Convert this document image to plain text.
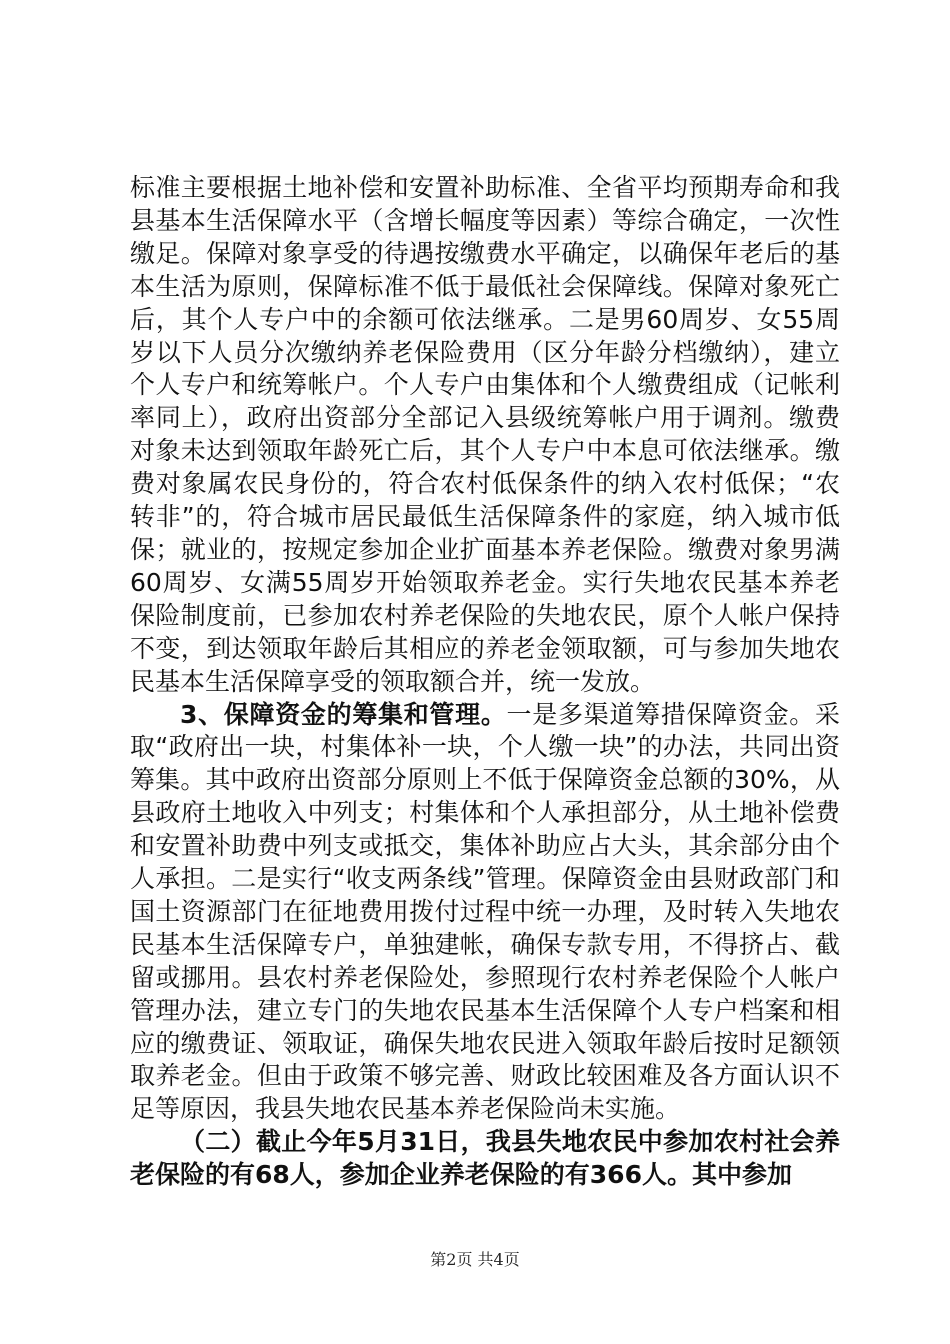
标准主要根据土地补偿和安置补助标准、全省平均预期寿命和我县基本生活保障水平（含增长幅度等因素）等综合确定，一次性缴足。保障对象享受的待遇按缴费水平确定，以确保年老后的基本生活为原则，保障标准不低于最低社会保障线。保障对象死亡后，其个人专户中的余额可依法继承。二是男60周岁、女55周岁以下人员分次缴纳养老保险费用（区分年龄分档缴纳），建立个人专户和统筹帐户。个人专户由集体和个人缴费组成（记帐利率同上），政府出资部分全部记入县级统筹帐户用于调剂。缴费对象未达到领取年龄死亡后，其个人专户中本息可依法继承。缴费对象属农民身份的，符合农村低保条件的纳入农村低保；“农转非”的，符合城市居民最低生活保障条件的家庭，纳入城市低保；就业的，按规定参加企业扩面基本养老保险。缴费对象男满60周岁、女满55周岁开始领取养老金。实行失地农民基本养老保险制度前，已参加农村养老保险的失地农民，原个人帐户保持不变，到达领取年龄后其相应的养老金领取额，可与参加失地农民基本生活保障享受的领取额合并，统一发放。

3、保障资金的筹集和管理。一是多渠道筹措保障资金。采取“政府出一块，村集体补一块，个人缴一块”的办法，共同出资筹集。其中政府出资部分原则上不低于保障资金总额的30%，从县政府土地收入中列支；村集体和个人承担部分，从土地补偿费和安置补助费中列支或抵交，集体补助应占大头，其余部分由个人承担。二是实行“收支两条线”管理。保障资金由县财政部门和国土资源部门在征地费用拨付过程中统一办理，及时转入失地农民基本生活保障专户，单独建帐，确保专款专用，不得挤占、截留或挪用。县农村养老保险处，参照现行农村养老保险个人帐户管理办法，建立专门的失地农民基本生活保障个人专户档案和相应的缴费证、领取证，确保失地农民进入领取年龄后按时足额领取养老金。但由于政策不够完善、财政比较困难及各方面认识不足等原因，我县失地农民基本养老保险尚未实施。

（二）截止今年5月31日，我县失地农民中参加农村社会养老保险的有68人，参加企业养老保险的有366人。其中参加

第2页 共4页
